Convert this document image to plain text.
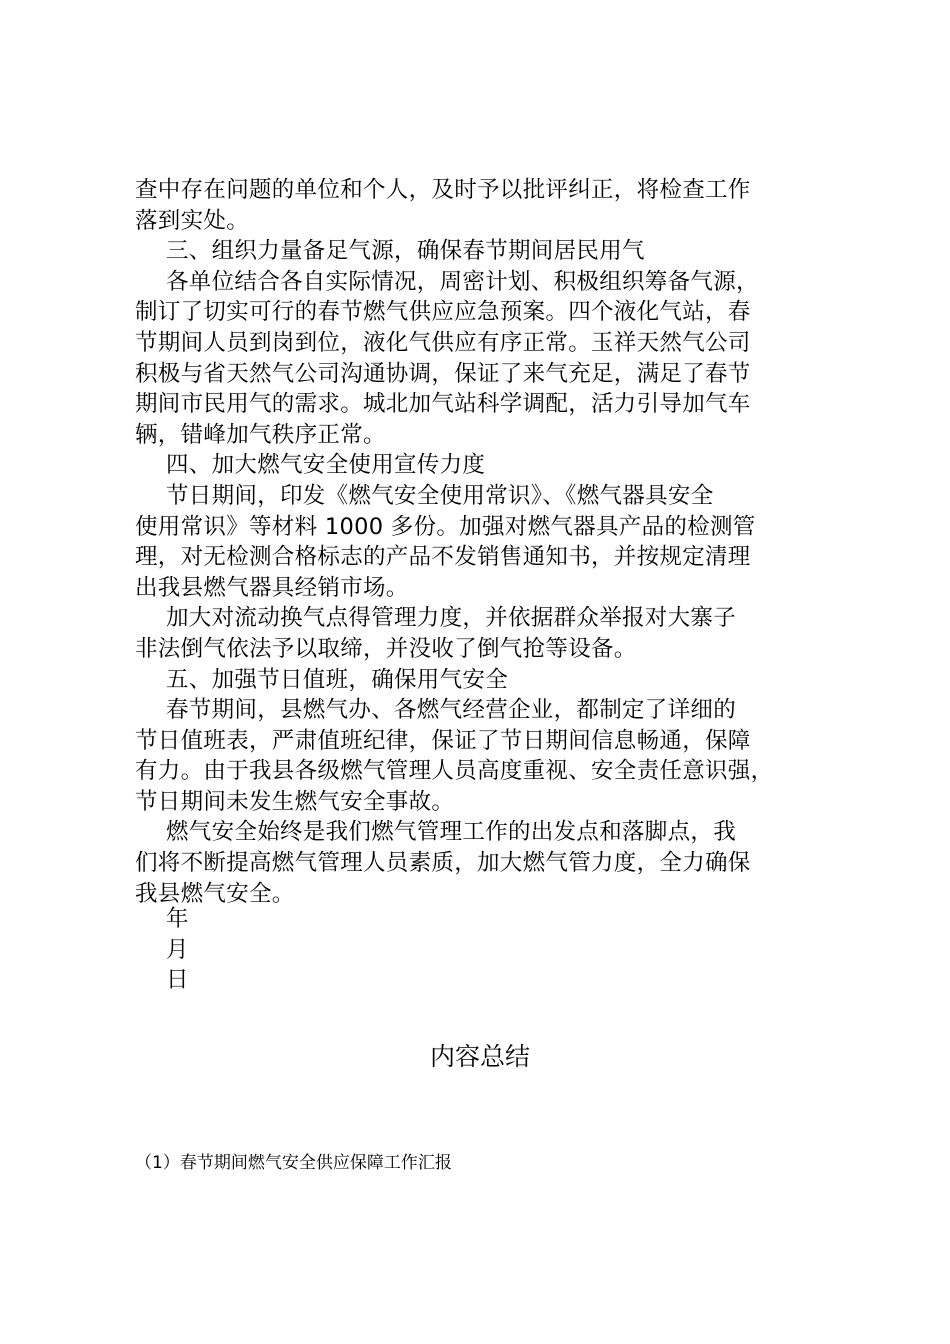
查中存在问题的单位和个人，及时予以批评纠正，将检查工作
落到实处。
三、组织力量备足气源，确保春节期间居民用气
各单位结合各自实际情况，周密计划、积极组织筹备气源，
制订了切实可行的春节燃气供应应急预案。四个液化气站，春
节期间人员到岗到位，液化气供应有序正常。玉祥天然气公司
积极与省天然气公司沟通协调，保证了来气充足，满足了春节
期间市民用气的需求。城北加气站科学调配，活力引导加气车
辆，错峰加气秩序正常。
四、加大燃气安全使用宣传力度
节日期间，印发《燃气安全使用常识》、《燃气器具安全
使用常识》等材料 1000 多份。加强对燃气器具产品的检测管
理，对无检测合格标志的产品不发销售通知书，并按规定清理
出我县燃气器具经销市场。
加大对流动换气点得管理力度，并依据群众举报对大寨子
非法倒气依法予以取缔，并没收了倒气抢等设备。
五、加强节日值班，确保用气安全
春节期间，县燃气办、各燃气经营企业，都制定了详细的
节日值班表，严肃值班纪律，保证了节日期间信息畅通，保障
有力。由于我县各级燃气管理人员高度重视、安全责任意识强，
节日期间未发生燃气安全事故。
燃气安全始终是我们燃气管理工作的出发点和落脚点，我
们将不断提高燃气管理人员素质，加大燃气管力度，全力确保
我县燃气安全。
年
月
日
内容总结
（1）春节期间燃气安全供应保障工作汇报
